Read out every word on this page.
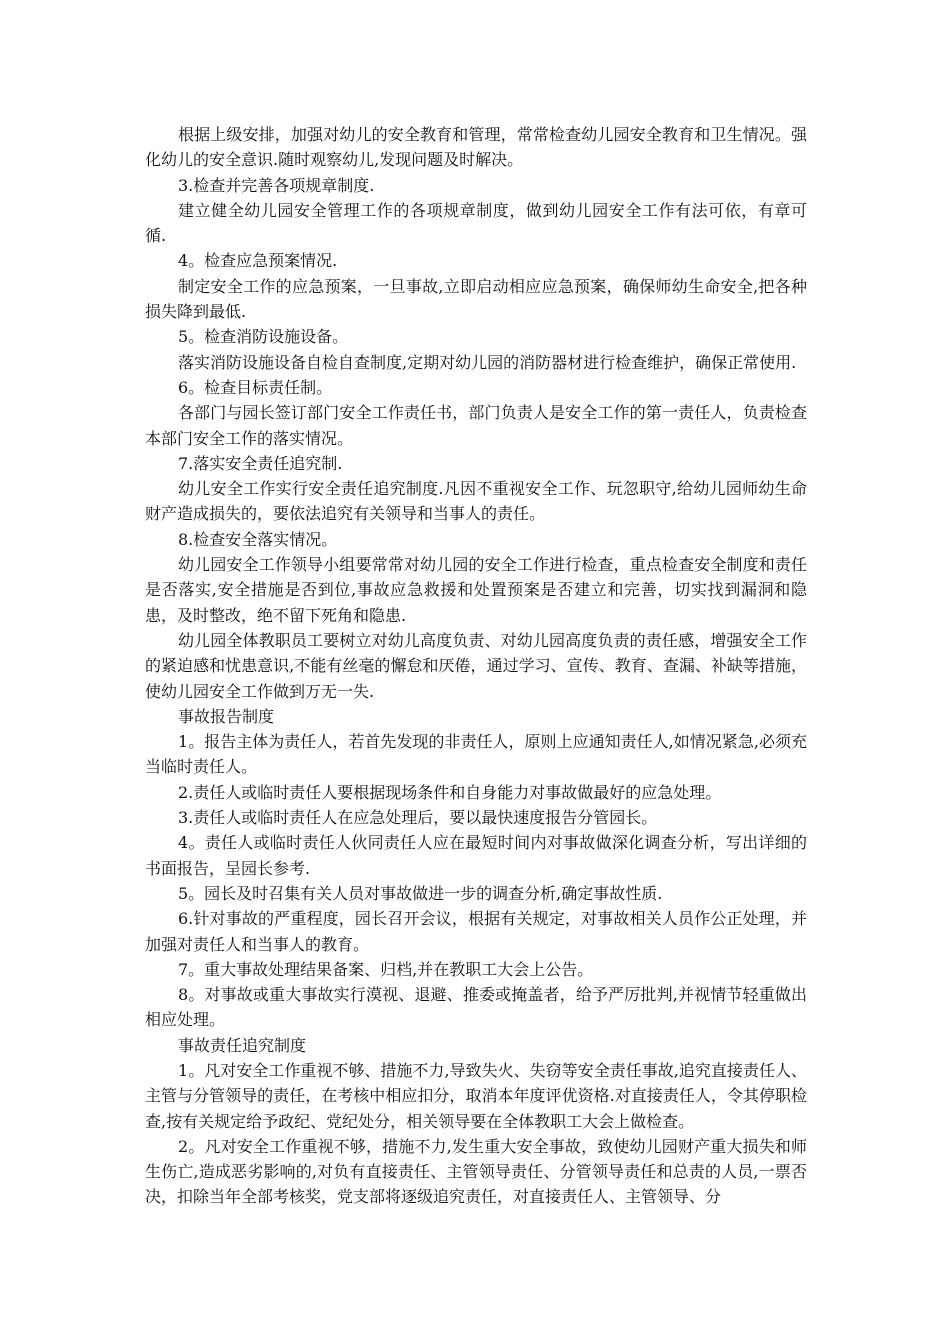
根据上级安排，加强对幼儿的安全教育和管理，常常检查幼儿园安全教育和卫生情况。强化幼儿的安全意识.随时观察幼儿,发现问题及时解决。

3.检查并完善各项规章制度.

建立健全幼儿园安全管理工作的各项规章制度，做到幼儿园安全工作有法可依，有章可循.

4。检查应急预案情况.

制定安全工作的应急预案，一旦事故,立即启动相应应急预案，确保师幼生命安全,把各种损失降到最低.

5。检查消防设施设备。

落实消防设施设备自检自查制度,定期对幼儿园的消防器材进行检查维护，确保正常使用.

6。检查目标责任制。

各部门与园长签订部门安全工作责任书，部门负责人是安全工作的第一责任人，负责检查本部门安全工作的落实情况。

7.落实安全责任追究制.

幼儿安全工作实行安全责任追究制度.凡因不重视安全工作、玩忽职守,给幼儿园师幼生命财产造成损失的，要依法追究有关领导和当事人的责任。

8.检查安全落实情况。

幼儿园安全工作领导小组要常常对幼儿园的安全工作进行检查，重点检查安全制度和责任是否落实,安全措施是否到位,事故应急救援和处置预案是否建立和完善，切实找到漏洞和隐患，及时整改，绝不留下死角和隐患.

幼儿园全体教职员工要树立对幼儿高度负责、对幼儿园高度负责的责任感，增强安全工作的紧迫感和忧患意识,不能有丝毫的懈怠和厌倦，通过学习、宣传、教育、查漏、补缺等措施，使幼儿园安全工作做到万无一失.

事故报告制度

1。报告主体为责任人，若首先发现的非责任人，原则上应通知责任人,如情况紧急,必须充当临时责任人。

2.责任人或临时责任人要根据现场条件和自身能力对事故做最好的应急处理。

3.责任人或临时责任人在应急处理后，要以最快速度报告分管园长。

4。责任人或临时责任人伙同责任人应在最短时间内对事故做深化调查分析，写出详细的书面报告，呈园长参考.

5。园长及时召集有关人员对事故做进一步的调查分析,确定事故性质.

6.针对事故的严重程度，园长召开会议，根据有关规定，对事故相关人员作公正处理，并加强对责任人和当事人的教育。

7。重大事故处理结果备案、归档,并在教职工大会上公告。

8。对事故或重大事故实行漠视、退避、推委或掩盖者，给予严厉批判,并视情节轻重做出相应处理。

事故责任追究制度

1。凡对安全工作重视不够、措施不力,导致失火、失窃等安全责任事故,追究直接责任人、主管与分管领导的责任，在考核中相应扣分，取消本年度评优资格.对直接责任人，令其停职检查,按有关规定给予政纪、党纪处分，相关领导要在全体教职工大会上做检查。

2。凡对安全工作重视不够，措施不力,发生重大安全事故，致使幼儿园财产重大损失和师生伤亡,造成恶劣影响的,对负有直接责任、主管领导责任、分管领导责任和总责的人员,一票否决，扣除当年全部考核奖，党支部将逐级追究责任，对直接责任人、主管领导、分
